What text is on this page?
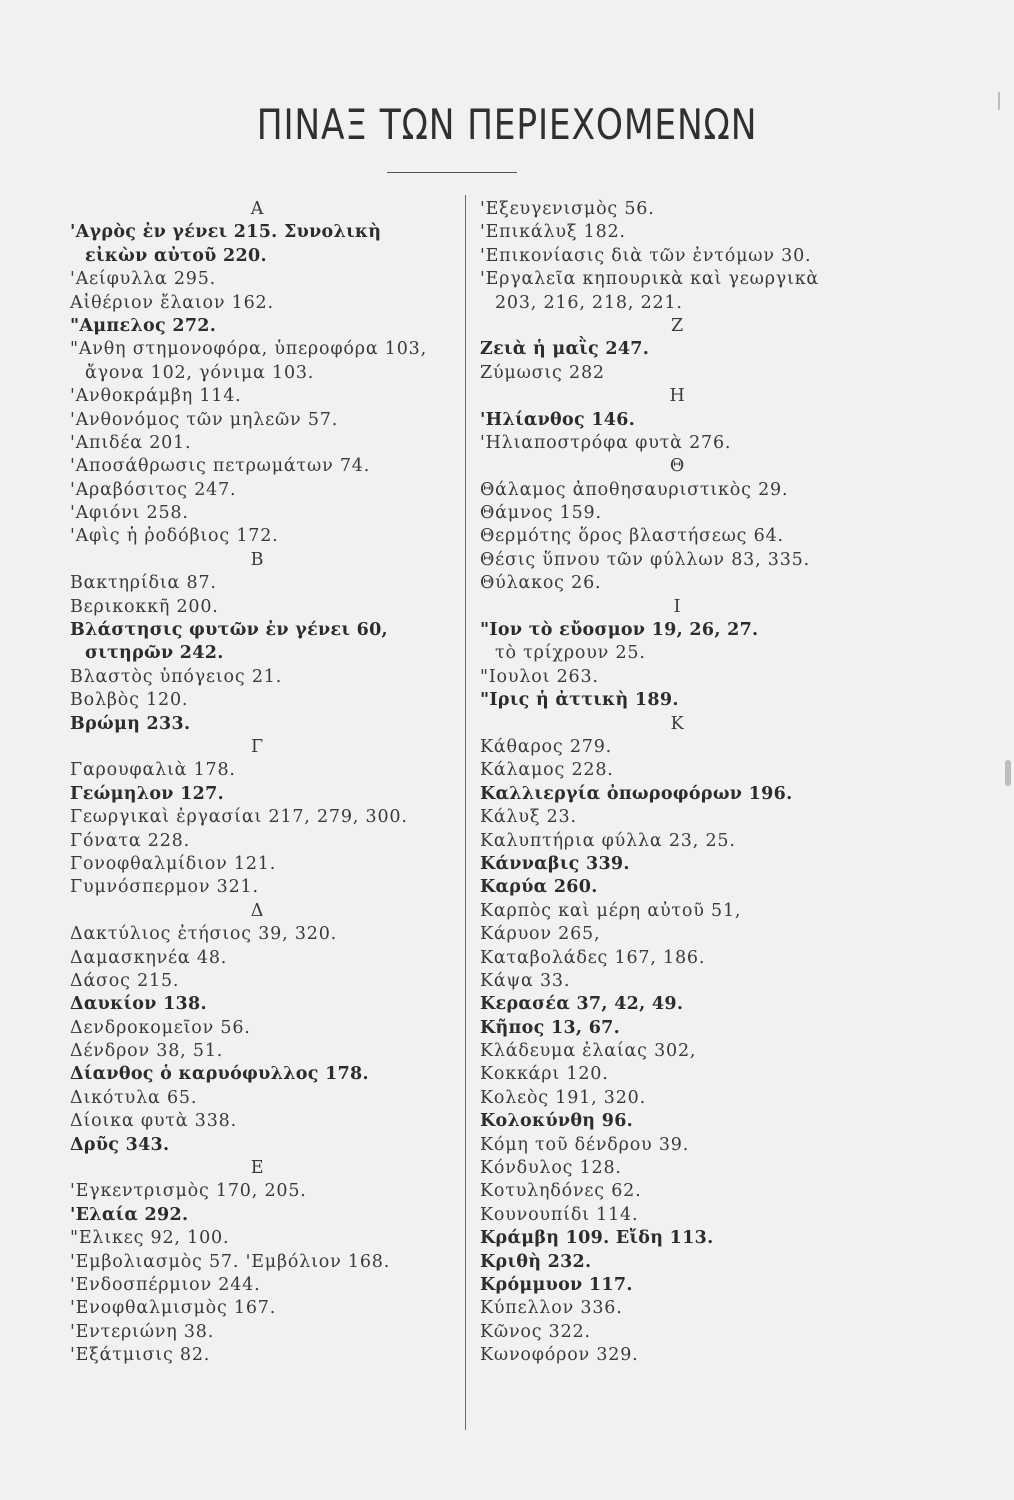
ΠΙΝΑΞ ΤΩΝ ΠΕΡΙΕΧΟΜΕΝΩΝ
Α
'Αγρὸς ἐν γένει 215. Συνολικὴ
εἰκὼν αὐτοῦ 220.
'Αείφυλλα 295.
Αἰθέριον ἔλαιον 162.
"Αμπελος 272.
"Ανθη στημονοφόρα, ὑπεροφόρα 103,
ἄγονα 102, γόνιμα 103.
'Ανθοκράμβη 114.
'Ανθονόμος τῶν μηλεῶν 57.
'Απιδέα 201.
'Αποσάθρωσις πετρωμάτων 74.
'Αραβόσιτος 247.
'Αφιόνι 258.
'Αφὶς ἡ ῥοδόβιος 172.
Β
Βακτηρίδια 87.
Βερικοκκῆ 200.
Βλάστησις φυτῶν ἐν γένει 60,
σιτηρῶν 242.
Βλαστὸς ὑπόγειος 21.
Βολβὸς 120.
Βρώμη 233.
Γ
Γαρουφαλιὰ 178.
Γεώμηλον 127.
Γεωργικαὶ ἐργασίαι 217, 279, 300.
Γόνατα 228.
Γονοφθαλμίδιον 121.
Γυμνόσπερμον 321.
Δ
Δακτύλιος ἐτήσιος 39, 320.
Δαμασκηνέα 48.
Δάσος 215.
Δαυκίον 138.
Δενδροκομεῖον 56.
Δένδρον 38, 51.
Δίανθος ὁ καρυόφυλλος 178.
Δικότυλα 65.
Δίοικα φυτὰ 338.
Δρῦς 343.
Ε
'Εγκεντρισμὸς 170, 205.
'Ελαία 292.
"Ελικες 92, 100.
'Εμβολιασμὸς 57. 'Εμβόλιον 168.
'Ενδοσπέρμιον 244.
'Ενοφθαλμισμὸς 167.
'Εντεριώνη 38.
'Εξάτμισις 82.
'Εξευγενισμὸς 56.
'Επικάλυξ 182.
'Επικονίασις διὰ τῶν ἐντόμων 30.
'Εργαλεῖα κηπουρικὰ καὶ γεωργικὰ
203, 216, 218, 221.
Ζ
Ζειὰ ἡ μαῒς 247.
Ζύμωσις 282
Η
'Ηλίανθος 146.
'Ηλιαποστρόφα φυτὰ 276.
Θ
Θάλαμος ἀποθησαυριστικὸς 29.
Θάμνος 159.
Θερμότης ὅρος βλαστήσεως 64.
Θέσις ὕπνου τῶν φύλλων 83, 335.
Θύλακος 26.
Ι
"Ιον τὸ εὔοσμον 19, 26, 27.
τὸ τρίχρουν 25.
"Ιουλοι 263.
"Ιρις ἡ ἀττικὴ 189.
Κ
Κάθαρος 279.
Κάλαμος 228.
Καλλιεργία ὀπωροφόρων 196.
Κάλυξ 23.
Καλυπτήρια φύλλα 23, 25.
Κάνναβις 339.
Καρύα 260.
Καρπὸς καὶ μέρη αὐτοῦ 51,
Κάρυον 265,
Καταβολάδες 167, 186.
Κάψα 33.
Κερασέα 37, 42, 49.
Κῆπος 13, 67.
Κλάδευμα ἐλαίας 302,
Κοκκάρι 120.
Κολεὸς 191, 320.
Κολοκύνθη 96.
Κόμη τοῦ δένδρου 39.
Κόνδυλος 128.
Κοτυληδόνες 62.
Κουνουπίδι 114.
Κράμβη 109. Εἴδη 113.
Κριθὴ 232.
Κρόμμυον 117.
Κύπελλον 336.
Κῶνος 322.
Κωνοφόρον 329.
